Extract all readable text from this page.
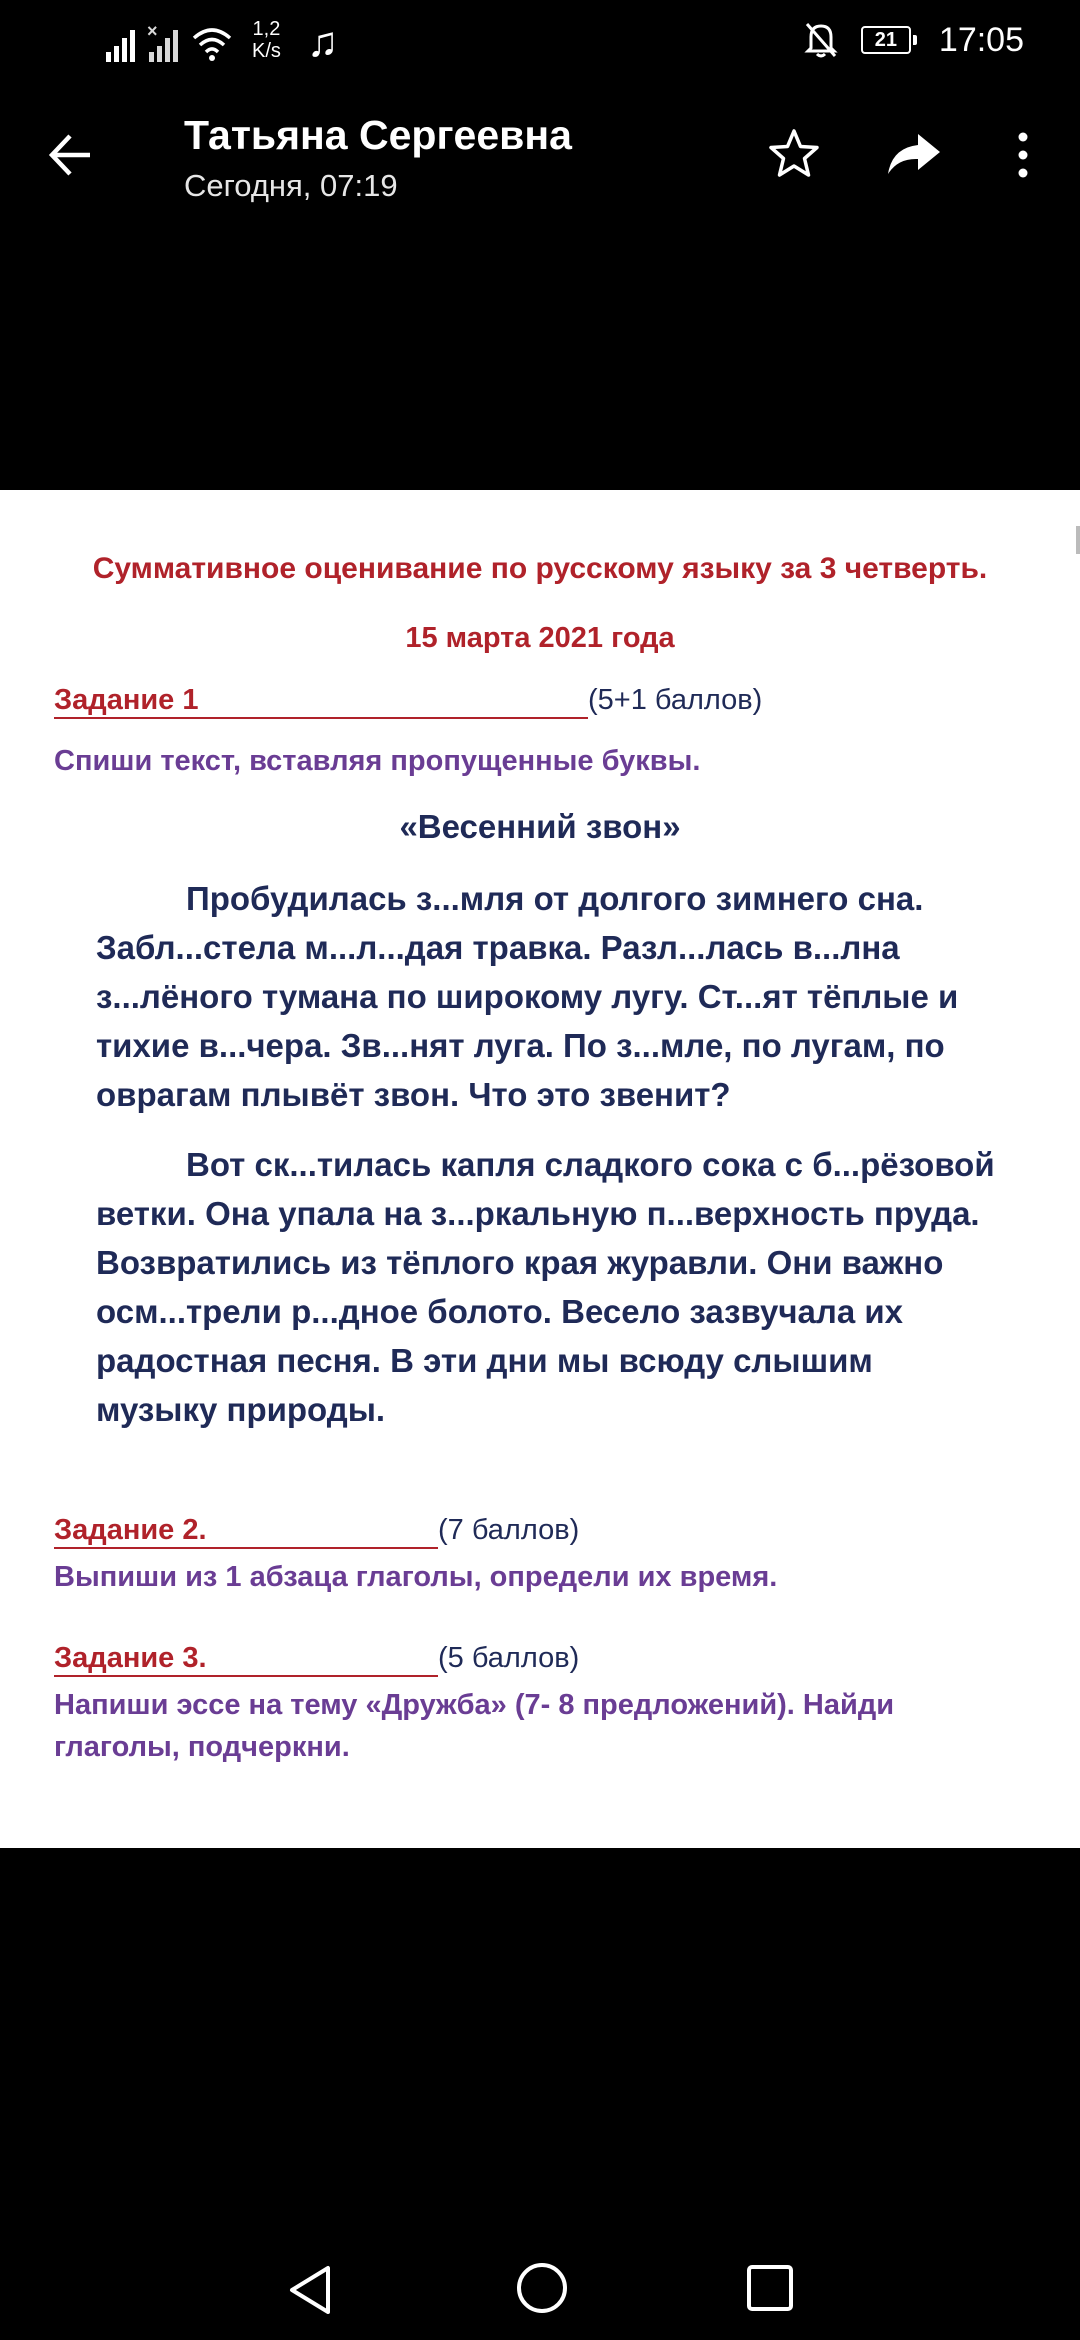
×	1,2
K/s ♫	21	17:05
Татьяна Сергеевна
Сегодня, 07:19
Суммативное оценивание по русскому языку за 3 четверть.
15 марта 2021 года
Задание 1	(5+1 баллов)
Спиши текст, вставляя пропущенные буквы.
«Весенний звон»
Пробудилась з...мля от долгого зимнего сна.
Забл...стела м...л...дая травка. Разл...лась в...лна
з...лёного тумана по широкому лугу. Ст...ят тёплые и
тихие в...чера. Зв...нят луга. По з...мле, по лугам, по
оврагам плывёт звон. Что это звенит?
Вот ск...тилась капля сладкого сока с б...рёзовой
ветки. Она упала на з...ркальную п...верхность пруда.
Возвратились из тёплого края журавли. Они важно
осм...трели р...дное болото. Весело зазвучала их
радостная песня. В эти дни мы всюду слышим
музыку природы.
Задание 2.	(7 баллов)
Выпиши из 1 абзаца глаголы, определи их время.
Задание 3.	(5 баллов)
Напиши эссе на тему «Дружба» (7- 8 предложений). Найди
глаголы, подчеркни.
